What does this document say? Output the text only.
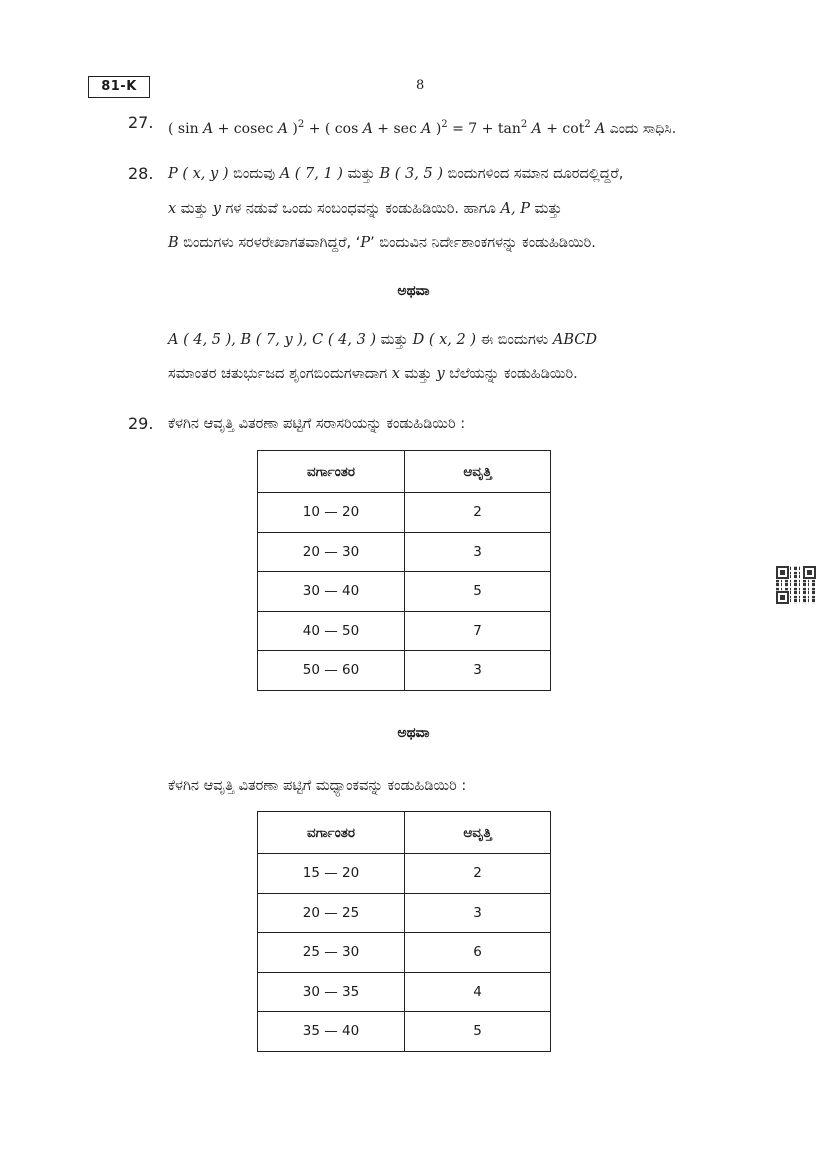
81-K	8
27. ( sin A + cosec A )$^2$ + ( cos A + sec A )$^2 = 7 + \tan^2 A + \cot^2 A$ ಎಂದು ಸಾಧಿಸಿ.
28. P ( x, y ) ಬಿಂದುವು A ( 7, 1 ) ಮತ್ತು B ( 3, 5 ) ಬಿಂದುಗಳಿಂದ ಸಮಾನ ದೂರದಲ್ಲಿದ್ದರೆ,
x ಮತ್ತು y ಗಳ ನಡುವೆ ಒಂದು ಸಂಬಂಧವನ್ನು ಕಂಡುಹಿಡಿಯಿರಿ. ಹಾಗೂ A, P ಮತ್ತು
B ಬಿಂದುಗಳು ಸರಳರೇಖಾಗತವಾಗಿದ್ದರೆ, ‘P’ ಬಿಂದುವಿನ ನಿರ್ದೇಶಾಂಕಗಳನ್ನು ಕಂಡುಹಿಡಿಯಿರಿ.
ಅಥವಾ
A ( 4, 5 ), B ( 7, y ), C ( 4, 3 ) ಮತ್ತು D ( x, 2 ) ಈ ಬಿಂದುಗಳು ABCD
ಸಮಾಂತರ ಚತುರ್ಭುಜದ ಶೃಂಗಬಿಂದುಗಳಾದಾಗ x ಮತ್ತು y ಬೆಲೆಯನ್ನು ಕಂಡುಹಿಡಿಯಿರಿ.
29. ಕೆಳಗಿನ ಆವೃತ್ತಿ ವಿತರಣಾ ಪಟ್ಟಿಗೆ ಸರಾಸರಿಯನ್ನು ಕಂಡುಹಿಡಿಯಿರಿ :
ವರ್ಗಾಂತರ	ಆವೃತ್ತಿ
10 — 20	2
20 — 30	3
30 — 40	5
40 — 50	7
50 — 60	3
ಅಥವಾ
ಕೆಳಗಿನ ಆವೃತ್ತಿ ವಿತರಣಾ ಪಟ್ಟಿಗೆ ಮಧ್ಯಾಂಕವನ್ನು ಕಂಡುಹಿಡಿಯಿರಿ :
ವರ್ಗಾಂತರ	ಆವೃತ್ತಿ
15 — 20	2
20 — 25	3
25 — 30	6
30 — 35	4
35 — 40	5
